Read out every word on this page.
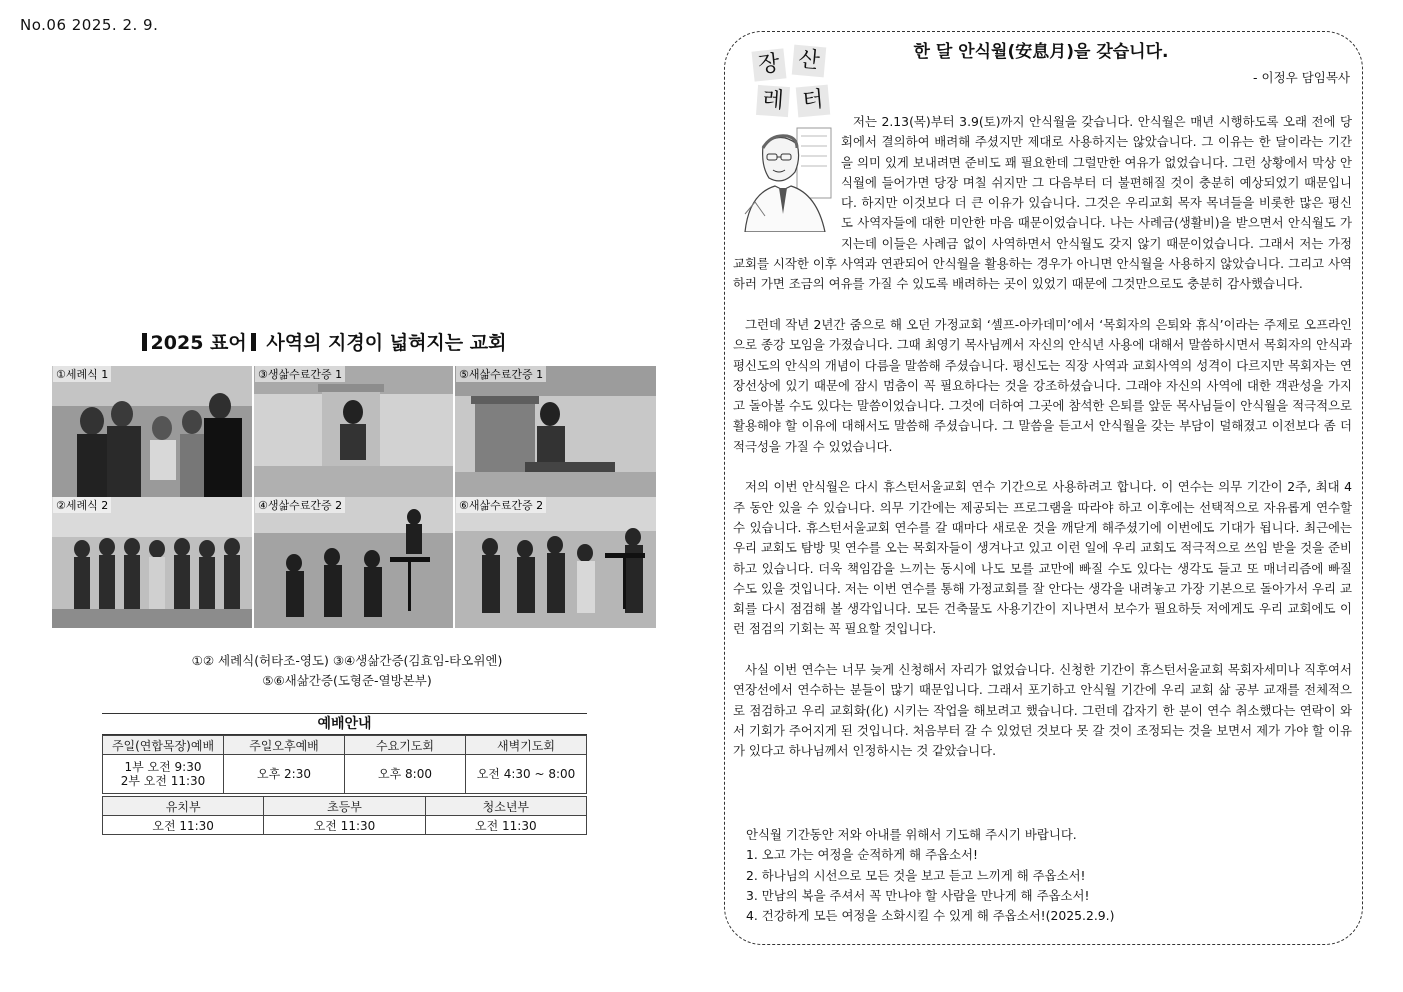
No.06 2025. 2. 9.
2025 표어 사역의 지경이 넓혀지는 교회
①세례식 1	③생삶수료간증 1	⑤새삶수료간증 1
②세례식 2	④생삶수료간증 2	⑥새삶수료간증 2
①② 세례식(허타조-영도) ③④생삶간증(김효임-타오위엔)
⑤⑥새삶간증(도형준-열방본부)
예배안내
주일(연합목장)예배	주일오후예배	수요기도회	새벽기도회

1부 오전 9:30
2부 오전 11:30	오후 2:30	오후 8:00	오전 4:30 ~ 8:00
유치부	초등부	청소년부
오전 11:30	오전 11:30	오전 11:30
장 산
레 터
한 달 안식월(安息月)을 갖습니다.
- 이정우 담임목사

저는 2.13(목)부터 3.9(토)까지 안식월을 갖습니다. 안식월은 매년 시행하도록 오래 전에 당회에서 결의하여 배려해 주셨지만 제대로 사용하지는 않았습니다. 그 이유는 한 달이라는 기간을 의미 있게 보내려면 준비도 꽤 필요한데 그럴만한 여유가 없었습니다. 그런 상황에서 막상 안식월에 들어가면 당장 며칠 쉬지만 그 다음부터 더 불편해질 것이 충분히 예상되었기 때문입니다. 하지만 이것보다 더 큰 이유가 있습니다. 그것은 우리교회 목자 목녀들을 비롯한 많은 평신도 사역자들에 대한 미안한 마음 때문이었습니다. 나는 사례금(생활비)을 받으면서 안식월도 가지는데 이들은 사례금 없이 사역하면서 안식월도 갖지 않기 때문이었습니다. 그래서 저는 가정교회를 시작한 이후 사역과 연관되어 안식월을 활용하는 경우가 아니면 안식월을 사용하지 않았습니다. 그리고 사역하러 가면 조금의 여유를 가질 수 있도록 배려하는 곳이 있었기 때문에 그것만으로도 충분히 감사했습니다.

그런데 작년 2년간 줌으로 해 오던 가정교회 ‘셀프-아카데미’에서 ‘목회자의 은퇴와 휴식’이라는 주제로 오프라인으로 종강 모임을 가졌습니다. 그때 최영기 목사님께서 자신의 안식년 사용에 대해서 말씀하시면서 목회자의 안식과 평신도의 안식의 개념이 다름을 말씀해 주셨습니다. 평신도는 직장 사역과 교회사역의 성격이 다르지만 목회자는 연장선상에 있기 때문에 잠시 멈춤이 꼭 필요하다는 것을 강조하셨습니다. 그래야 자신의 사역에 대한 객관성을 가지고 돌아볼 수도 있다는 말씀이었습니다. 그것에 더하여 그곳에 참석한 은퇴를 앞둔 목사님들이 안식월을 적극적으로 활용해야 할 이유에 대해서도 말씀해 주셨습니다. 그 말씀을 듣고서 안식월을 갖는 부담이 덜해졌고 이전보다 좀 더 적극성을 가질 수 있었습니다.

저의 이번 안식월은 다시 휴스턴서울교회 연수 기간으로 사용하려고 합니다. 이 연수는 의무 기간이 2주, 최대 4주 동안 있을 수 있습니다. 의무 기간에는 제공되는 프로그램을 따라야 하고 이후에는 선택적으로 자유롭게 연수할 수 있습니다. 휴스턴서울교회 연수를 갈 때마다 새로운 것을 깨닫게 해주셨기에 이번에도 기대가 됩니다. 최근에는 우리 교회도 탐방 및 연수를 오는 목회자들이 생겨나고 있고 이런 일에 우리 교회도 적극적으로 쓰임 받을 것을 준비하고 있습니다. 더욱 책임감을 느끼는 동시에 나도 모를 교만에 빠질 수도 있다는 생각도 들고 또 매너리즘에 빠질 수도 있을 것입니다. 저는 이번 연수를 통해 가정교회를 잘 안다는 생각을 내려놓고 가장 기본으로 돌아가서 우리 교회를 다시 점검해 볼 생각입니다. 모든 건축물도 사용기간이 지나면서 보수가 필요하듯 저에게도 우리 교회에도 이런 점검의 기회는 꼭 필요할 것입니다.

사실 이번 연수는 너무 늦게 신청해서 자리가 없었습니다. 신청한 기간이 휴스턴서울교회 목회자세미나 직후여서 연장선에서 연수하는 분들이 많기 때문입니다. 그래서 포기하고 안식월 기간에 우리 교회 삶 공부 교재를 전체적으로 점검하고 우리 교회화(化) 시키는 작업을 해보려고 했습니다. 그런데 갑자기 한 분이 연수 취소했다는 연락이 와서 기회가 주어지게 된 것입니다. 처음부터 갈 수 있었던 것보다 못 갈 것이 조정되는 것을 보면서 제가 가야 할 이유가 있다고 하나님께서 인정하시는 것 같았습니다.

안식월 기간동안 저와 아내를 위해서 기도해 주시기 바랍니다.
1. 오고 가는 여정을 순적하게 해 주옵소서!
2. 하나님의 시선으로 모든 것을 보고 듣고 느끼게 해 주옵소서!
3. 만남의 복을 주셔서 꼭 만나야 할 사람을 만나게 해 주옵소서!
4. 건강하게 모든 여정을 소화시킬 수 있게 해 주옵소서!(2025.2.9.)
